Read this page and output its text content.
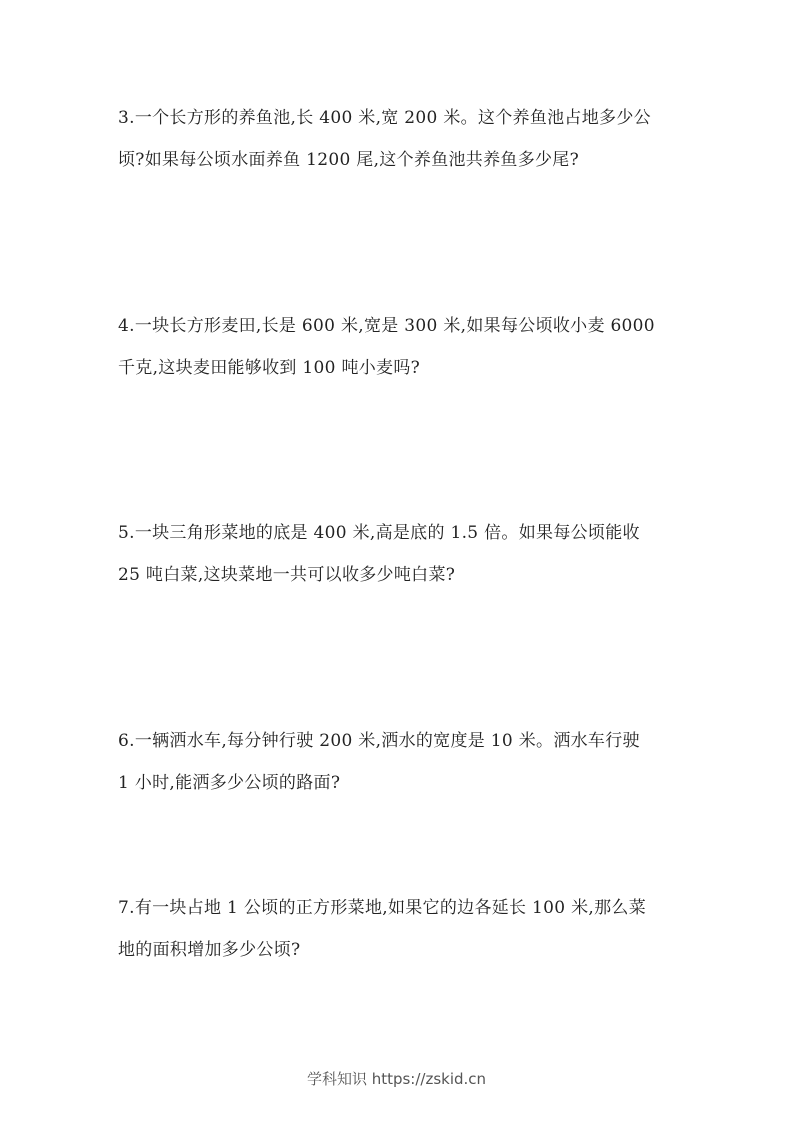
3.一个长方形的养鱼池,长 400 米,宽 200 米。这个养鱼池占地多少公
顷?如果每公顷水面养鱼 1200 尾,这个养鱼池共养鱼多少尾?
4.一块长方形麦田,长是 600 米,宽是 300 米,如果每公顷收小麦 6000
千克,这块麦田能够收到 100 吨小麦吗?
5.一块三角形菜地的底是 400 米,高是底的 1.5 倍。如果每公顷能收
25 吨白菜,这块菜地一共可以收多少吨白菜?
6.一辆洒水车,每分钟行驶 200 米,洒水的宽度是 10 米。洒水车行驶
1 小时,能洒多少公顷的路面?
7.有一块占地 1 公顷的正方形菜地,如果它的边各延长 100 米,那么菜
地的面积增加多少公顷?
学科知识 https://zskid.cn
